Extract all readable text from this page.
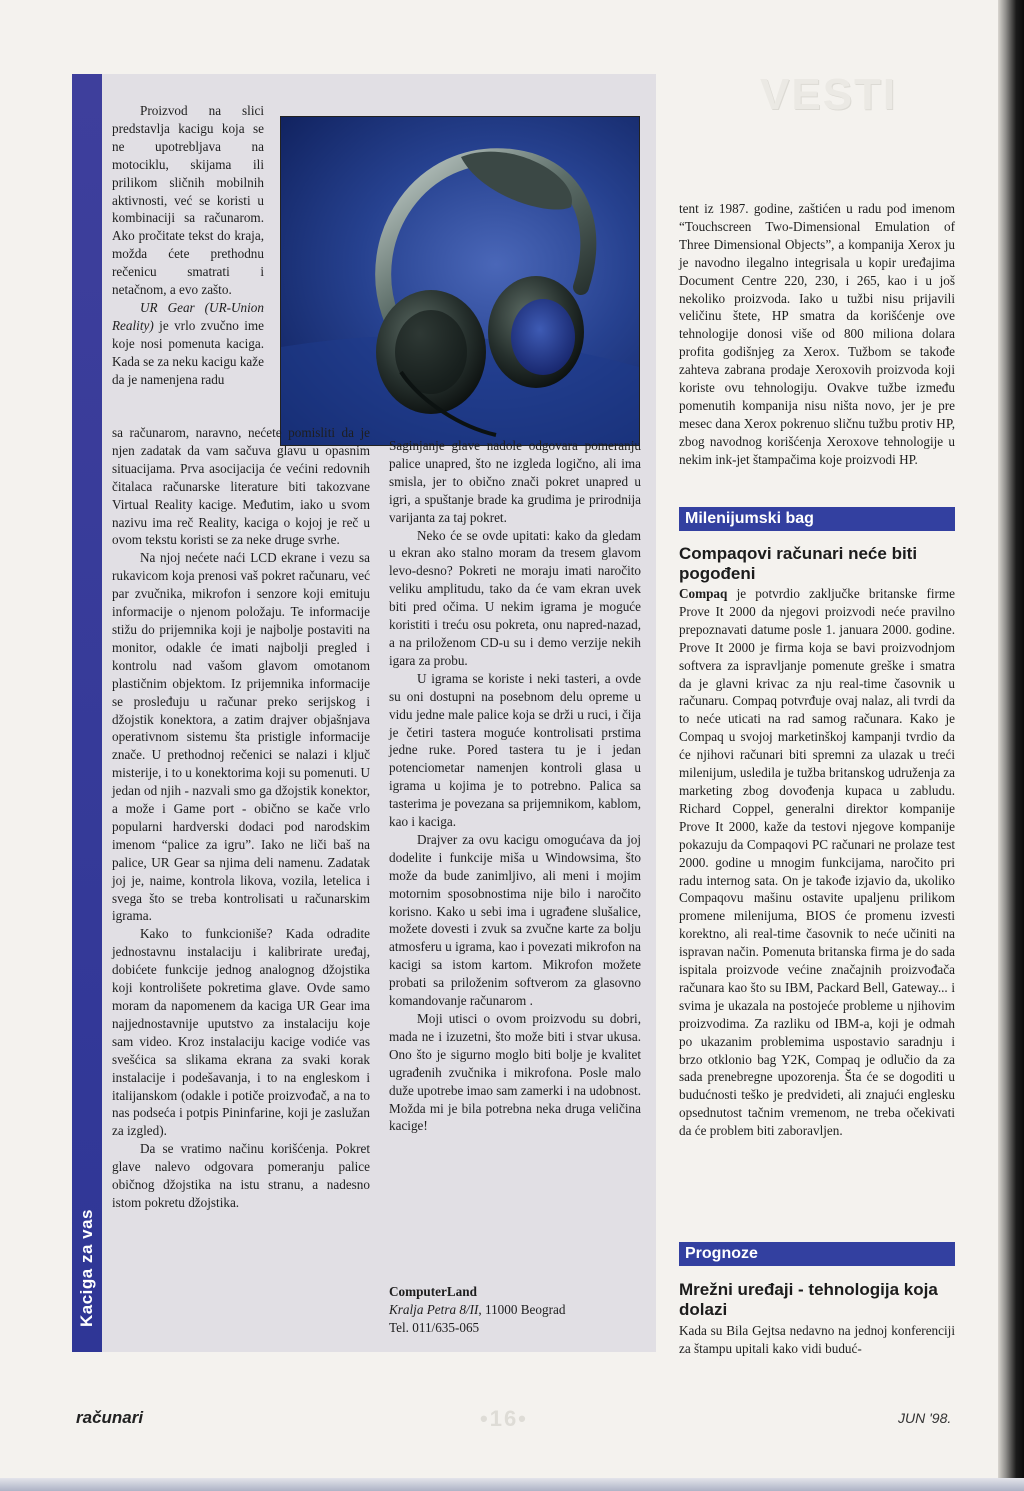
VESTI
Kaciga za vas

Proizvod na slici predstavlja kacigu koja se ne upotrebljava na motociklu, skijama ili prilikom sličnih mobilnih aktivnosti, već se koristi u kombinaciji sa računarom. Ako pročitate tekst do kraja, možda ćete prethodnu rečenicu smatrati i netačnom, a evo zašto.

UR Gear (UR-Union Reality) je vrlo zvučno ime koje nosi pomenuta kaciga. Kada se za neku kacigu kaže da je namenjena radu

sa računarom, naravno, nećete pomisliti da je njen zadatak da vam sačuva glavu u opasnim situacijama. Prva asocijacija će većini redovnih čitalaca računarske literature biti takozvane Virtual Reality kacige. Međutim, iako u svom nazivu ima reč Reality, kaciga o kojoj je reč u ovom tekstu koristi se za neke druge svrhe.

Na njoj nećete naći LCD ekrane i vezu sa rukavicom koja prenosi vaš pokret računaru, već par zvučnika, mikrofon i senzore koji emituju informacije o njenom položaju. Te informacije stižu do prijemnika koji je najbolje postaviti na monitor, odakle će imati najbolji pregled i kontrolu nad vašom glavom omotanom plastičnim objektom. Iz prijemnika informacije se prosleđuju u računar preko serijskog i džojstik konektora, a zatim drajver objašnjava operativnom sistemu šta pristigle informacije znače. U prethodnoj rečenici se nalazi i ključ misterije, i to u konektorima koji su pomenuti. U jedan od njih - nazvali smo ga džojstik konektor, a može i Game port - obično se kače vrlo popularni hardverski dodaci pod narodskim imenom “palice za igru”. Iako ne liči baš na palice, UR Gear sa njima deli namenu. Zadatak joj je, naime, kontrola likova, vozila, letelica i svega što se treba kontrolisati u računarskim igrama.

Kako to funkcioniše? Kada odradite jednostavnu instalaciju i kalibrirate uređaj, dobićete funkcije jednog analognog džojstika koji kontrolišete pokretima glave. Ovde samo moram da napomenem da kaciga UR Gear ima najjednostavnije uputstvo za instalaciju koje sam video. Kroz instalaciju kacige vodiće vas svešćica sa slikama ekrana za svaki korak instalacije i podešavanja, i to na engleskom i italijanskom (odakle i potiče proizvođač, a na to nas podseća i potpis Pininfarine, koji je zaslužan za izgled).

Da se vratimo načinu korišćenja. Pokret glave nalevo odgovara pomeranju palice običnog džojstika na istu stranu, a nadesno istom pokretu džojstika.

Saginjanje glave nadole odgovara pomeranju palice unapred, što ne izgleda logično, ali ima smisla, jer to obično znači pokret unapred u igri, a spuštanje brade ka grudima je prirodnija varijanta za taj pokret.

Neko će se ovde upitati: kako da gledam u ekran ako stalno moram da tresem glavom levo-desno? Pokreti ne moraju imati naročito veliku amplitudu, tako da će vam ekran uvek biti pred očima. U nekim igrama je moguće koristiti i treću osu pokreta, onu napred-nazad, a na priloženom CD-u su i demo verzije nekih igara za probu.

U igrama se koriste i neki tasteri, a ovde su oni dostupni na posebnom delu opreme u vidu jedne male palice koja se drži u ruci, i čija je četiri tastera moguće kontrolisati prstima jedne ruke. Pored tastera tu je i jedan potenciometar namenjen kontroli glasa u igrama u kojima je to potrebno. Palica sa tasterima je povezana sa prijemnikom, kablom, kao i kaciga.

Drajver za ovu kacigu omogućava da joj dodelite i funkcije miša u Windowsima, što može da bude zanimljivo, ali meni i mojim motornim sposobnostima nije bilo i naročito korisno. Kako u sebi ima i ugrađene slušalice, možete dovesti i zvuk sa zvučne karte za bolju atmosferu u igrama, kao i povezati mikrofon na kacigi sa istom kartom. Mikrofon možete probati sa priloženim softverom za glasovno komandovanje računarom .

Moji utisci o ovom proizvodu su dobri, mada ne i izuzetni, što može biti i stvar ukusa. Ono što je sigurno moglo biti bolje je kvalitet ugrađenih zvučnika i mikrofona. Posle malo duže upotrebe imao sam zamerki i na udobnost. Možda mi je bila potrebna neka druga veličina kacige!

ComputerLand
Kralja Petra 8/II, 11000 Beograd
Tel. 011/635-065

tent iz 1987. godine, zaštićen u radu pod imenom “Touchscreen Two-Dimensional Emulation of Three Dimensional Objects”, a kompanija Xerox ju je navodno ilegalno integrisala u kopir uređajima Document Centre 220, 230, i 265, kao i u još nekoliko proizvoda. Iako u tužbi nisu prijavili veličinu štete, HP smatra da korišćenje ove tehnologije donosi više od 800 miliona dolara profita godišnjeg za Xerox. Tužbom se takođe zahteva zabrana prodaje Xeroxovih proizvoda koji koriste ovu tehnologiju. Ovakve tužbe između pomenutih kompanija nisu ništa novo, jer je pre mesec dana Xerox pokrenuo sličnu tužbu protiv HP, zbog navodnog korišćenja Xeroxove tehnologije u nekim ink-jet štampačima koje proizvodi HP.

Milenijumski bag
Compaqovi računari neće biti pogođeni

Compaq je potvrdio zaključke britanske firme Prove It 2000 da njegovi proizvodi neće pravilno prepoznavati datume posle 1. januara 2000. godine. Prove It 2000 je firma koja se bavi proizvodnjom softvera za ispravljanje pomenute greške i smatra da je glavni krivac za nju real-time časovnik u računaru. Compaq potvrđuje ovaj nalaz, ali tvrdi da to neće uticati na rad samog računara. Kako je Compaq u svojoj marketinškoj kampanji tvrdio da će njihovi računari biti spremni za ulazak u treći milenijum, usledila je tužba britanskog udruženja za marketing zbog dovođenja kupaca u zabludu. Richard Coppel, generalni direktor kompanije Prove It 2000, kaže da testovi njegove kompanije pokazuju da Compaqovi PC računari ne prolaze test 2000. godine u mnogim funkcijama, naročito pri radu internog sata. On je takođe izjavio da, ukoliko Compaqovu mašinu ostavite upaljenu prilikom promene milenijuma, BIOS će promenu izvesti korektno, ali real-time časovnik to neće učiniti na ispravan način. Pomenuta britanska firma je do sada ispitala proizvode većine značajnih proizvođača računara kao što su IBM, Packard Bell, Gateway... i svima je ukazala na postojeće probleme u njihovim proizvodima. Za razliku od IBM-a, koji je odmah po ukazanim problemima uspostavio saradnju i brzo otklonio bag Y2K, Compaq je odlučio da za sada prenebregne upozorenja. Šta će se dogoditi u budućnosti teško je predvideti, ali znajući englesku opsednutost tačnim vremenom, ne treba očekivati da će problem biti zaboravljen.

Prognoze
Mrežni uređaji - tehnologija koja dolazi

Kada su Bila Gejtsa nedavno na jednoj konferenciji za štampu upitali kako vidi buduć-

računari	•16•	JUN '98.
